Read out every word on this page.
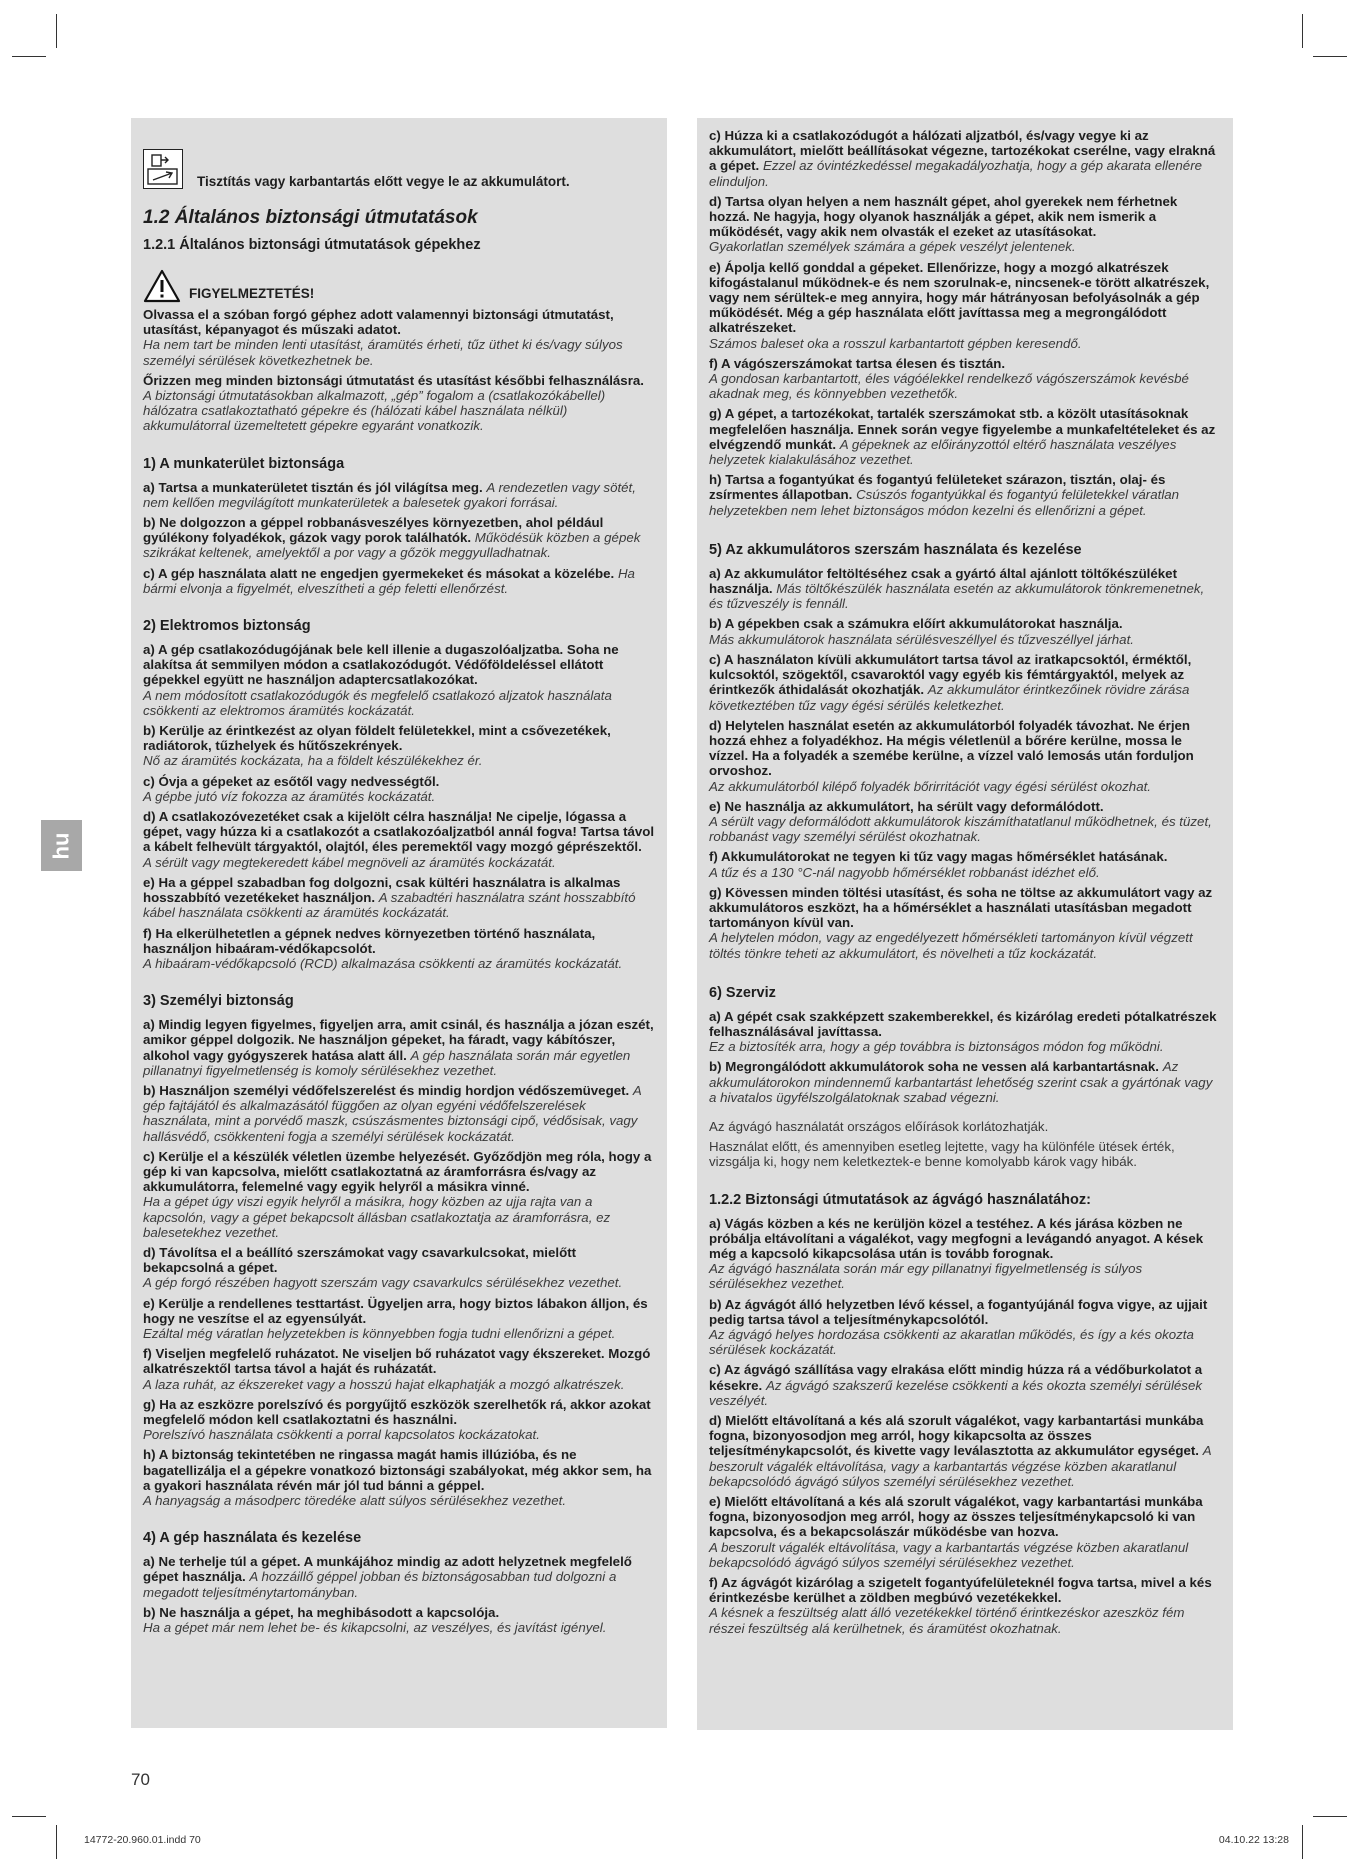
hu
Tisztítás vagy karbantartás előtt vegye le az akkumulátort.
1.2 Általános biztonsági útmutatások
1.2.1 Általános biztonsági útmutatások gépekhez
FIGYELMEZTETÉS!
Olvassa el a szóban forgó géphez adott valamennyi biztonsági útmutatást, utasítást, képanyagot és műszaki adatot.
Ha nem tart be minden lenti utasítást, áramütés érheti, tűz üthet ki és/vagy súlyos személyi sérülések következhetnek be.
Őrizzen meg minden biztonsági útmutatást és utasítást későbbi felhasználásra. A biztonsági útmutatásokban alkalmazott, „gép” fogalom a (csatlakozókábellel) hálózatra csatlakoztatható gépekre és (hálózati kábel használata nélkül) akkumulátorral üzemeltetett gépekre egyaránt vonatkozik.
1) A munkaterület biztonsága
a) Tartsa a munkaterületet tisztán és jól világítsa meg. A rendezetlen vagy sötét, nem kellően megvilágított munkaterületek a balesetek gyakori forrásai.
b) Ne dolgozzon a géppel robbanásveszélyes környezetben, ahol például gyúlékony folyadékok, gázok vagy porok találhatók. Működésük közben a gépek szikrákat keltenek, amelyektől a por vagy a gőzök meggyulladhatnak.
c) A gép használata alatt ne engedjen gyermekeket és másokat a közelébe. Ha bármi elvonja a figyelmét, elveszítheti a gép feletti ellenőrzést.
2) Elektromos biztonság
a) A gép csatlakozódugójának bele kell illenie a dugaszolóaljzatba. Soha ne alakítsa át semmilyen módon a csatlakozódugót. Védőföldeléssel ellátott gépekkel együtt ne használjon adaptercsatlakozókat.
A nem módosított csatlakozódugók és megfelelő csatlakozó aljzatok használata csökkenti az elektromos áramütés kockázatát.
b) Kerülje az érintkezést az olyan földelt felületekkel, mint a csővezetékek, radiátorok, tűzhelyek és hűtőszekrények.
Nő az áramütés kockázata, ha a földelt készülékekhez ér.
c) Óvja a gépeket az esőtől vagy nedvességtől.
A gépbe jutó víz fokozza az áramütés kockázatát.
d) A csatlakozóvezetéket csak a kijelölt célra használja! Ne cipelje, lógassa a gépet, vagy húzza ki a csatlakozót a csatlakozóaljzatból annál fogva! Tartsa távol a kábelt felhevült tárgyaktól, olajtól, éles peremektől vagy mozgó géprészektől.
A sérült vagy megtekeredett kábel megnöveli az áramütés kockázatát.
e) Ha a géppel szabadban fog dolgozni, csak kültéri használatra is alkalmas hosszabbító vezetékeket használjon. A szabadtéri használatra szánt hosszabbító kábel használata csökkenti az áramütés kockázatát.
f) Ha elkerülhetetlen a gépnek nedves környezetben történő használata, használjon hibaáram-védőkapcsolót.
A hibaáram-védőkapcsoló (RCD) alkalmazása csökkenti az áramütés kockázatát.
3) Személyi biztonság
a) Mindig legyen figyelmes, figyeljen arra, amit csinál, és használja a józan eszét, amikor géppel dolgozik. Ne használjon gépeket, ha fáradt, vagy kábítószer, alkohol vagy gyógyszerek hatása alatt áll. A gép használata során már egyetlen pillanatnyi figyelmetlenség is komoly sérülésekhez vezethet.
b) Használjon személyi védőfelszerelést és mindig hordjon védőszemüveget. A gép fajtájától és alkalmazásától függően az olyan egyéni védőfelszerelések használata, mint a porvédő maszk, csúszásmentes biztonsági cipő, védősisak, vagy hallásvédő, csökkenteni fogja a személyi sérülések kockázatát.
c) Kerülje el a készülék véletlen üzembe helyezését. Győződjön meg róla, hogy a gép ki van kapcsolva, mielőtt csatlakoztatná az áramforrásra és/vagy az akkumulátorra, felemelné vagy egyik helyről a másikra vinné.
Ha a gépet úgy viszi egyik helyről a másikra, hogy közben az ujja rajta van a kapcsolón, vagy a gépet bekapcsolt állásban csatlakoztatja az áramforrásra, ez balesetekhez vezethet.
d) Távolítsa el a beállító szerszámokat vagy csavarkulcsokat, mielőtt bekapcsolná a gépet.
A gép forgó részében hagyott szerszám vagy csavarkulcs sérülésekhez vezethet.
e) Kerülje a rendellenes testtartást. Ügyeljen arra, hogy biztos lábakon álljon, és hogy ne veszítse el az egyensúlyát.
Ezáltal még váratlan helyzetekben is könnyebben fogja tudni ellenőrizni a gépet.
f) Viseljen megfelelő ruházatot. Ne viseljen bő ruházatot vagy ékszereket. Mozgó alkatrészektől tartsa távol a haját és ruházatát.
A laza ruhát, az ékszereket vagy a hosszú hajat elkaphatják a mozgó alkatrészek.
g) Ha az eszközre porelszívó és porgyűjtő eszközök szerelhetők rá, akkor azokat megfelelő módon kell csatlakoztatni és használni.
Porelszívó használata csökkenti a porral kapcsolatos kockázatokat.
h) A biztonság tekintetében ne ringassa magát hamis illúzióba, és ne bagatellizálja el a gépekre vonatkozó biztonsági szabályokat, még akkor sem, ha a gyakori használata révén már jól tud bánni a géppel.
A hanyagság a másodperc töredéke alatt súlyos sérülésekhez vezethet.
4) A gép használata és kezelése
a) Ne terhelje túl a gépet. A munkájához mindig az adott helyzetnek megfelelő gépet használja. A hozzáillő géppel jobban és biztonságosabban tud dolgozni a megadott teljesítménytartományban.
b) Ne használja a gépet, ha meghibásodott a kapcsolója.
Ha a gépet már nem lehet be- és kikapcsolni, az veszélyes, és javítást igényel.
c) Húzza ki a csatlakozódugót a hálózati aljzatból, és/vagy vegye ki az akkumulátort, mielőtt beállításokat végezne, tartozékokat cserélne, vagy elrakná a gépet. Ezzel az óvintézkedéssel megakadályozhatja, hogy a gép akarata ellenére elinduljon.
d) Tartsa olyan helyen a nem használt gépet, ahol gyerekek nem férhetnek hozzá. Ne hagyja, hogy olyanok használják a gépet, akik nem ismerik a működését, vagy akik nem olvasták el ezeket az utasításokat.
Gyakorlatlan személyek számára a gépek veszélyt jelentenek.
e) Ápolja kellő gonddal a gépeket. Ellenőrizze, hogy a mozgó alkatrészek kifogástalanul működnek-e és nem szorulnak-e, nincsenek-e törött alkatrészek, vagy nem sérültek-e meg annyira, hogy már hátrányosan befolyásolnák a gép működését. Még a gép használata előtt javíttassa meg a megrongálódott alkatrészeket.
Számos baleset oka a rosszul karbantartott gépben keresendő.
f) A vágószerszámokat tartsa élesen és tisztán.
A gondosan karbantartott, éles vágóélekkel rendelkező vágószerszámok kevésbé akadnak meg, és könnyebben vezethetők.
g) A gépet, a tartozékokat, tartalék szerszámokat stb. a közölt utasításoknak megfelelően használja. Ennek során vegye figyelembe a munkafeltételeket és az elvégzendő munkát. A gépeknek az előirányzottól eltérő használata veszélyes helyzetek kialakulásához vezethet.
h) Tartsa a fogantyúkat és fogantyú felületeket szárazon, tisztán, olaj- és zsírmentes állapotban. Csúszós fogantyúkkal és fogantyú felületekkel váratlan helyzetekben nem lehet biztonságos módon kezelni és ellenőrizni a gépet.
5) Az akkumulátoros szerszám használata és kezelése
a) Az akkumulátor feltöltéséhez csak a gyártó által ajánlott töltőkészüléket használja. Más töltőkészülék használata esetén az akkumulátorok tönkremenetnek, és tűzveszély is fennáll.
b) A gépekben csak a számukra előírt akkumulátorokat használja.
Más akkumulátorok használata sérülésveszéllyel és tűzveszéllyel járhat.
c) A használaton kívüli akkumulátort tartsa távol az iratkapcsoktól, érméktől, kulcsoktól, szögektől, csavaroktól vagy egyéb kis fémtárgyaktól, melyek az érintkezők áthidalását okozhatják. Az akkumulátor érintkezőinek rövidre zárása következtében tűz vagy égési sérülés keletkezhet.
d) Helytelen használat esetén az akkumulátorból folyadék távozhat. Ne érjen hozzá ehhez a folyadékhoz. Ha mégis véletlenül a bőrére kerülne, mossa le vízzel. Ha a folyadék a szemébe kerülne, a vízzel való lemosás után forduljon orvoshoz.
Az akkumulátorból kilépő folyadék bőrirritációt vagy égési sérülést okozhat.
e) Ne használja az akkumulátort, ha sérült vagy deformálódott.
A sérült vagy deformálódott akkumulátorok kiszámíthatatlanul működhetnek, és tüzet, robbanást vagy személyi sérülést okozhatnak.
f) Akkumulátorokat ne tegyen ki tűz vagy magas hőmérséklet hatásának.
A tűz és a 130 °C-nál nagyobb hőmérséklet robbanást idézhet elő.
g) Kövessen minden töltési utasítást, és soha ne töltse az akkumulátort vagy az akkumulátoros eszközt, ha a hőmérséklet a használati utasításban megadott tartományon kívül van.
A helytelen módon, vagy az engedélyezett hőmérsékleti tartományon kívül végzett töltés tönkre teheti az akkumulátort, és növelheti a tűz kockázatát.
6) Szerviz
a) A gépét csak szakképzett szakemberekkel, és kizárólag eredeti pótalkatrészek felhasználásával javíttassa.
Ez a biztosíték arra, hogy a gép továbbra is biztonságos módon fog működni.
b) Megrongálódott akkumulátorok soha ne vessen alá karbantartásnak. Az akkumulátorokon mindennemű karbantartást lehetőség szerint csak a gyártónak vagy a hivatalos ügyfélszolgálatoknak szabad végezni.
Az ágvágó használatát országos előírások korlátozhatják.
Használat előtt, és amennyiben esetleg lejtette, vagy ha különféle ütések érték, vizsgálja ki, hogy nem keletkeztek-e benne komolyabb károk vagy hibák.
1.2.2 Biztonsági útmutatások az ágvágó használatához:
a) Vágás közben a kés ne kerüljön közel a testéhez. A kés járása közben ne próbálja eltávolítani a vágalékot, vagy megfogni a levágandó anyagot. A kések még a kapcsoló kikapcsolása után is tovább forognak.
Az ágvágó használata során már egy pillanatnyi figyelmetlenség is súlyos sérülésekhez vezethet.
b) Az ágvágót álló helyzetben lévő késsel, a fogantyújánál fogva vigye, az ujjait pedig tartsa távol a teljesítménykapcsolótól.
Az ágvágó helyes hordozása csökkenti az akaratlan működés, és így a kés okozta sérülések kockázatát.
c) Az ágvágó szállítása vagy elrakása előtt mindig húzza rá a védőburkolatot a késekre. Az ágvágó szakszerű kezelése csökkenti a kés okozta személyi sérülések veszélyét.
d) Mielőtt eltávolítaná a kés alá szorult vágalékot, vagy karbantartási munkába fogna, bizonyosodjon meg arról, hogy kikapcsolta az összes teljesítménykapcsolót, és kivette vagy leválasztotta az akkumulátor egységet. A beszorult vágalék eltávolítása, vagy a karbantartás végzése közben akaratlanul bekapcsolódó ágvágó súlyos személyi sérülésekhez vezethet.
e) Mielőtt eltávolítaná a kés alá szorult vágalékot, vagy karbantartási munkába fogna, bizonyosodjon meg arról, hogy az összes teljesítménykapcsoló ki van kapcsolva, és a bekapcsolászár működésbe van hozva.
A beszorult vágalék eltávolítása, vagy a karbantartás végzése közben akaratlanul bekapcsolódó ágvágó súlyos személyi sérülésekhez vezethet.
f) Az ágvágót kizárólag a szigetelt fogantyúfelületeknél fogva tartsa, mivel a kés érintkezésbe kerülhet a zöldben megbúvó vezetékekkel.
A késnek a feszültség alatt álló vezetékekkel történő érintkezéskor azeszköz fém részei feszültség alá kerülhetnek, és áramütést okozhatnak.
70
14772-20.960.01.indd 70	04.10.22 13:28
